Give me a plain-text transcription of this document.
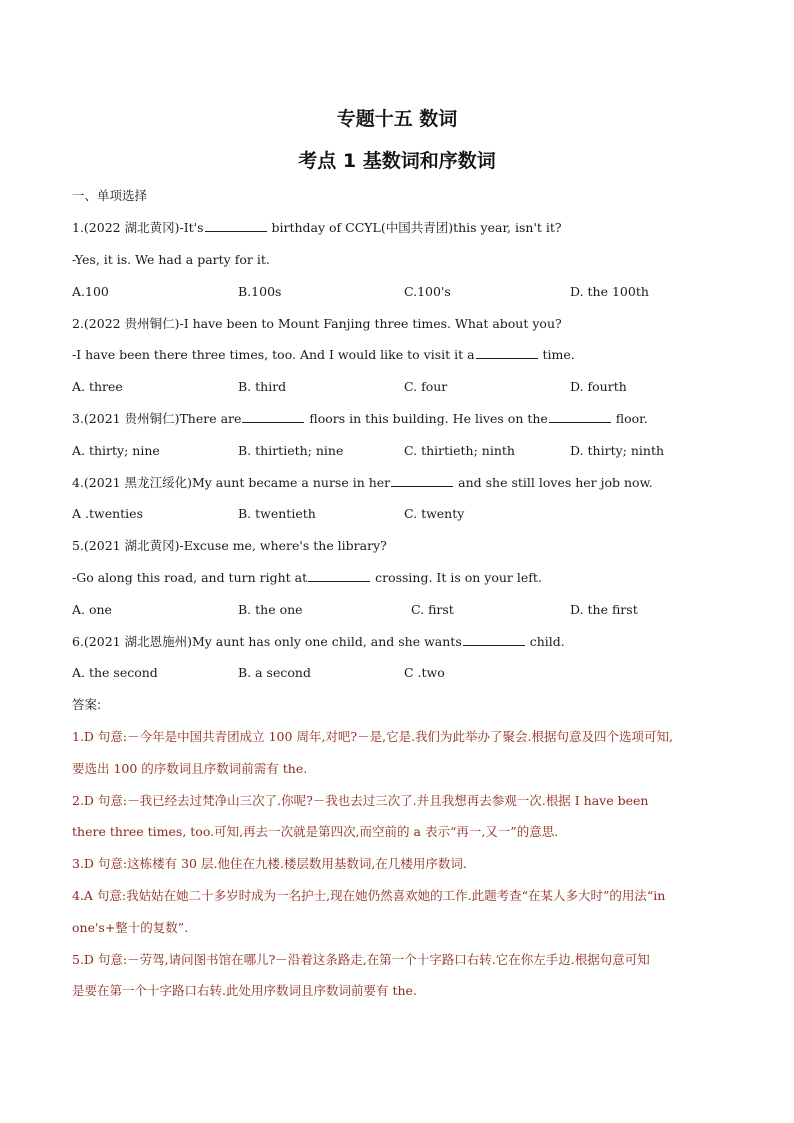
专题十五 数词
考点 1 基数词和序数词
一、单项选择
1.(2022 湖北黄冈)-It's	birthday of CCYL(中国共青团)this year, isn't it?
-Yes, it is. We had a party for it.
A.100	B.100s	C.100's	D. the 100th
2.(2022 贵州铜仁)-I have been to Mount Fanjing three times. What about you?
-I have been there three times, too. And I would like to visit it a	time.
A. three	B. third	C. four	D. fourth
3.(2021 贵州铜仁)There are	floors in this building. He lives on the	floor.
A. thirty; nine	B. thirtieth; nine	C. thirtieth; ninth	D. thirty; ninth
4.(2021 黑龙江绥化)My aunt became a nurse in her	and she still loves her job now.
A .twenties	B. twentieth	C. twenty
5.(2021 湖北黄冈)-Excuse me, where's the library?
-Go along this road, and turn right at	crossing. It is on your left.
A. one	B. the one	C. first	D. the first
6.(2021 湖北恩施州)My aunt has only one child, and she wants	child.
A. the second	B. a second	C .two
答案:
1.D 句意:－今年是中国共青团成立 100 周年,对吧?－是,它是.我们为此举办了聚会.根据句意及四个选项可知,
要选出 100 的序数词且序数词前需有 the.
2.D 句意:－我已经去过梵净山三次了.你呢?－我也去过三次了.并且我想再去参观一次.根据 I have been
there three times, too.可知,再去一次就是第四次,而空前的 a 表示“再一,又一”的意思.
3.D 句意:这栋楼有 30 层.他住在九楼.楼层数用基数词,在几楼用序数词.
4.A 句意:我姑姑在她二十多岁时成为一名护士,现在她仍然喜欢她的工作.此题考查“在某人多大时”的用法“in
one's+整十的复数”.
5.D 句意:－劳驾,请问图书馆在哪儿?－沿着这条路走,在第一个十字路口右转.它在你左手边.根据句意可知
是要在第一个十字路口右转.此处用序数词且序数词前要有 the.
